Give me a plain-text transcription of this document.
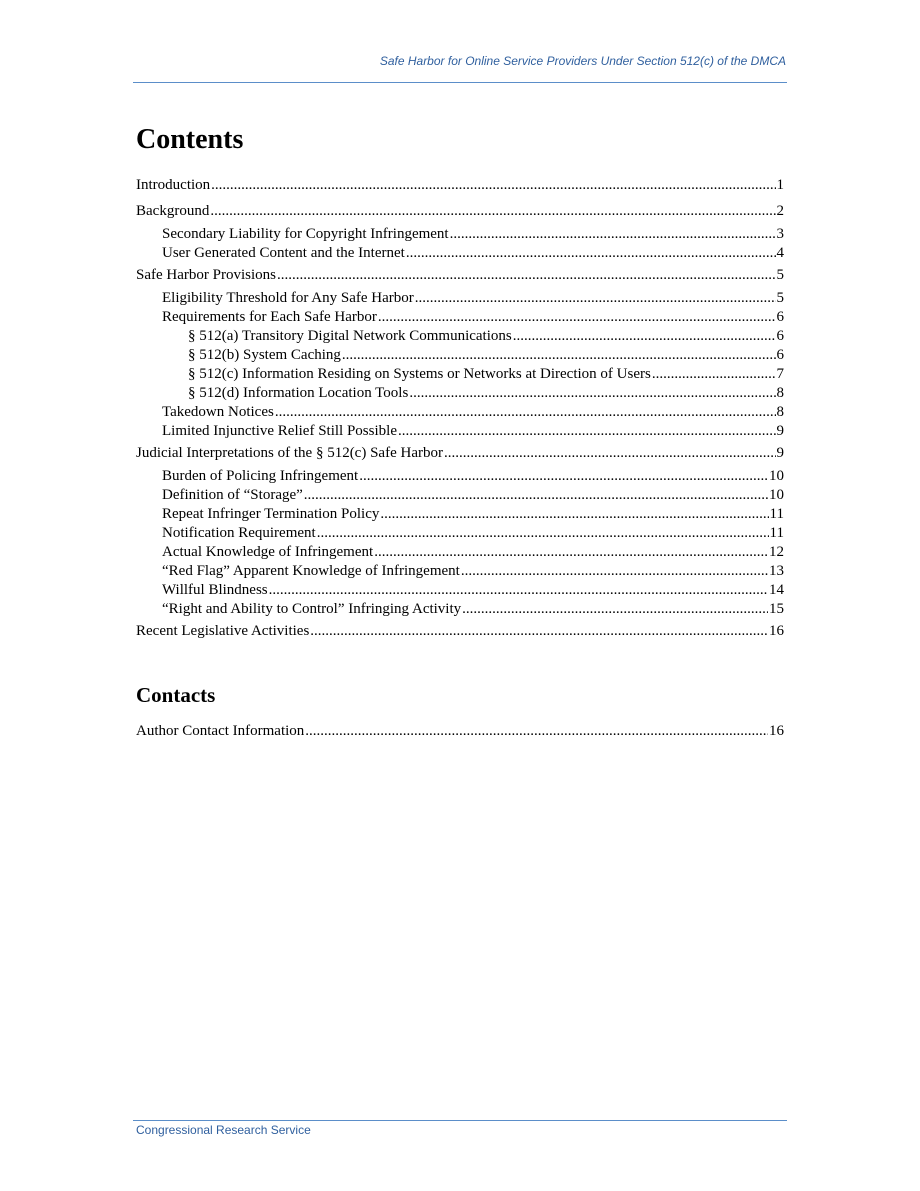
Safe Harbor for Online Service Providers Under Section 512(c) of the DMCA
Contents
Introduction .....	1
Background .....	2
Secondary Liability for Copyright Infringement .....	3
User Generated Content and the Internet .....	4
Safe Harbor Provisions .....	5
Eligibility Threshold for Any Safe Harbor .....	5
Requirements for Each Safe Harbor .....	6
§ 512(a) Transitory Digital Network Communications .....	6
§ 512(b) System Caching .....	6
§ 512(c) Information Residing on Systems or Networks at Direction of Users .....	7
§ 512(d) Information Location Tools .....	8
Takedown Notices .....	8
Limited Injunctive Relief Still Possible .....	9
Judicial Interpretations of the § 512(c) Safe Harbor .....	9
Burden of Policing Infringement .....	10
Definition of “Storage” .....	10
Repeat Infringer Termination Policy .....	11
Notification Requirement .....	11
Actual Knowledge of Infringement .....	12
“Red Flag” Apparent Knowledge of Infringement .....	13
Willful Blindness .....	14
“Right and Ability to Control” Infringing Activity .....	15
Recent Legislative Activities .....	16
Contacts
Author Contact Information .....	16
Congressional Research Service
